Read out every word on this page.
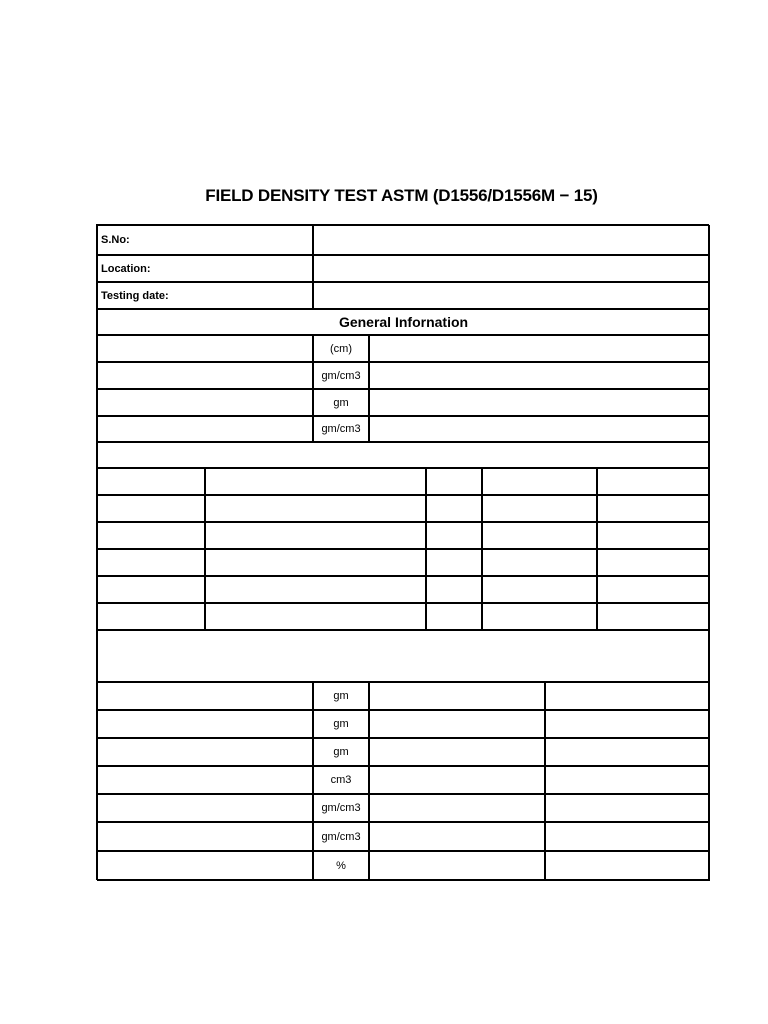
FIELD DENSITY TEST ASTM (D1556/D1556M − 15)
S.No:
Location:
Testing date:
General Infornation
(cm)
gm/cm3
gm
gm/cm3
gm
gm
gm
cm3
gm/cm3
gm/cm3
%
